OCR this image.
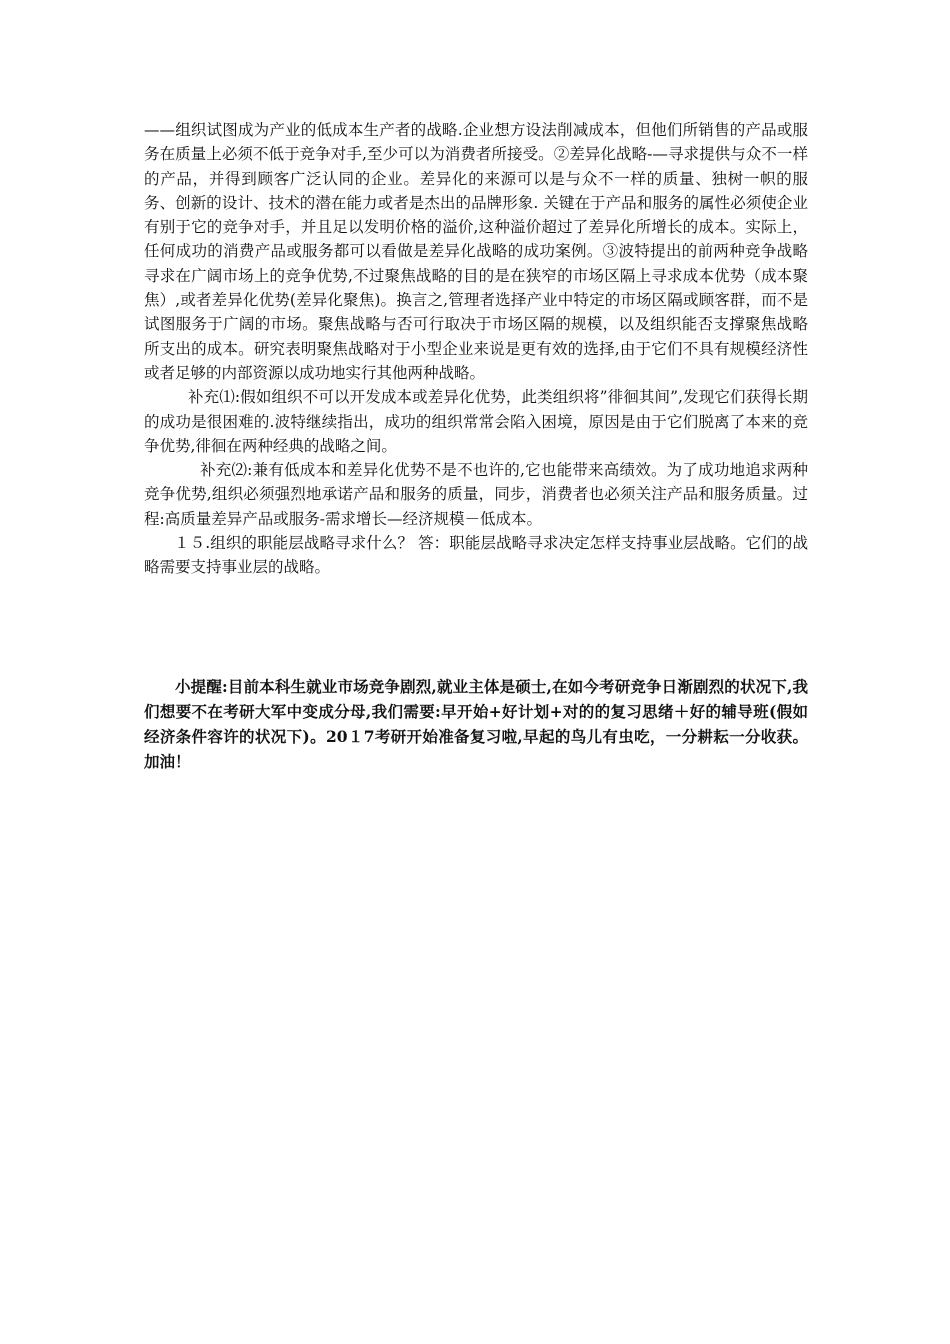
——组织试图成为产业的低成本生产者的战略.企业想方设法削减成本，但他们所销售的产品或服务在质量上必须不低于竞争对手,至少可以为消费者所接受。②差异化战略-—寻求提供与众不一样的产品，并得到顾客广泛认同的企业。差异化的来源可以是与众不一样的质量、独树一帜的服务、创新的设计、技术的潜在能力或者是杰出的品牌形象. 关键在于产品和服务的属性必须使企业有别于它的竞争对手，并且足以发明价格的溢价,这种溢价超过了差异化所增长的成本。实际上，任何成功的消费产品或服务都可以看做是差异化战略的成功案例。③波特提出的前两种竞争战略寻求在广阔市场上的竞争优势,不过聚焦战略的目的是在狭窄的市场区隔上寻求成本优势（成本聚焦）,或者差异化优势(差异化聚焦)。换言之,管理者选择产业中特定的市场区隔或顾客群，而不是试图服务于广阔的市场。聚焦战略与否可行取决于市场区隔的规模，以及组织能否支撑聚焦战略所支出的成本。研究表明聚焦战略对于小型企业来说是更有效的选择,由于它们不具有规模经济性或者足够的内部资源以成功地实行其他两种战略。

补充⑴:假如组织不可以开发成本或差异化优势，此类组织将”徘徊其间”,发现它们获得长期的成功是很困难的.波特继续指出，成功的组织常常会陷入困境，原因是由于它们脱离了本来的竞争优势,徘徊在两种经典的战略之间。

补充⑵:兼有低成本和差异化优势不是不也许的,它也能带来高绩效。为了成功地追求两种竞争优势,组织必须强烈地承诺产品和服务的质量，同步，消费者也必须关注产品和服务质量。过程:高质量差异产品或服务-需求增长—经济规模－低成本。

１５.组织的职能层战略寻求什么？ 答：职能层战略寻求决定怎样支持事业层战略。它们的战略需要支持事业层的战略。

小提醒:目前本科生就业市场竞争剧烈,就业主体是硕士,在如今考研竞争日渐剧烈的状况下,我们想要不在考研大军中变成分母,我们需要:早开始+好计划+对的的复习思绪＋好的辅导班(假如经济条件容许的状况下)。20１7考研开始准备复习啦,早起的鸟儿有虫吃，一分耕耘一分收获。加油！
